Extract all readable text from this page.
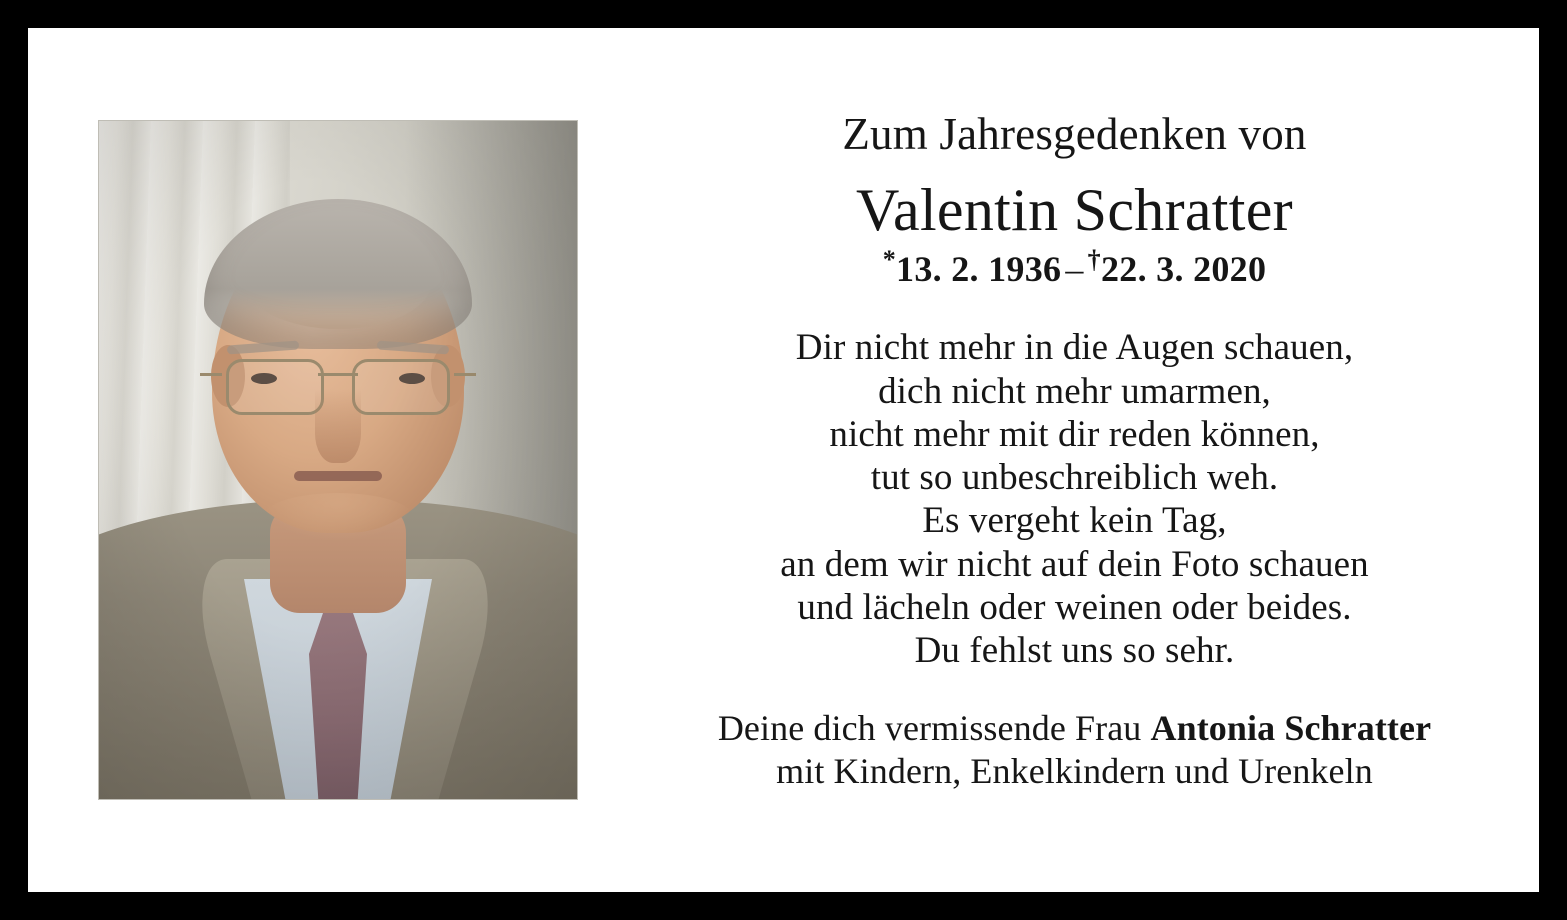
Zum Jahresgedenken von
Valentin Schratter
*13. 2. 1936 – †22. 3. 2020
Dir nicht mehr in die Augen schauen,
dich nicht mehr umarmen,
nicht mehr mit dir reden können,
tut so unbeschreiblich weh.
Es vergeht kein Tag,
an dem wir nicht auf dein Foto schauen
und lächeln oder weinen oder beides.
Du fehlst uns so sehr.
Deine dich vermissende Frau Antonia Schratter
mit Kindern, Enkelkindern und Urenkeln
